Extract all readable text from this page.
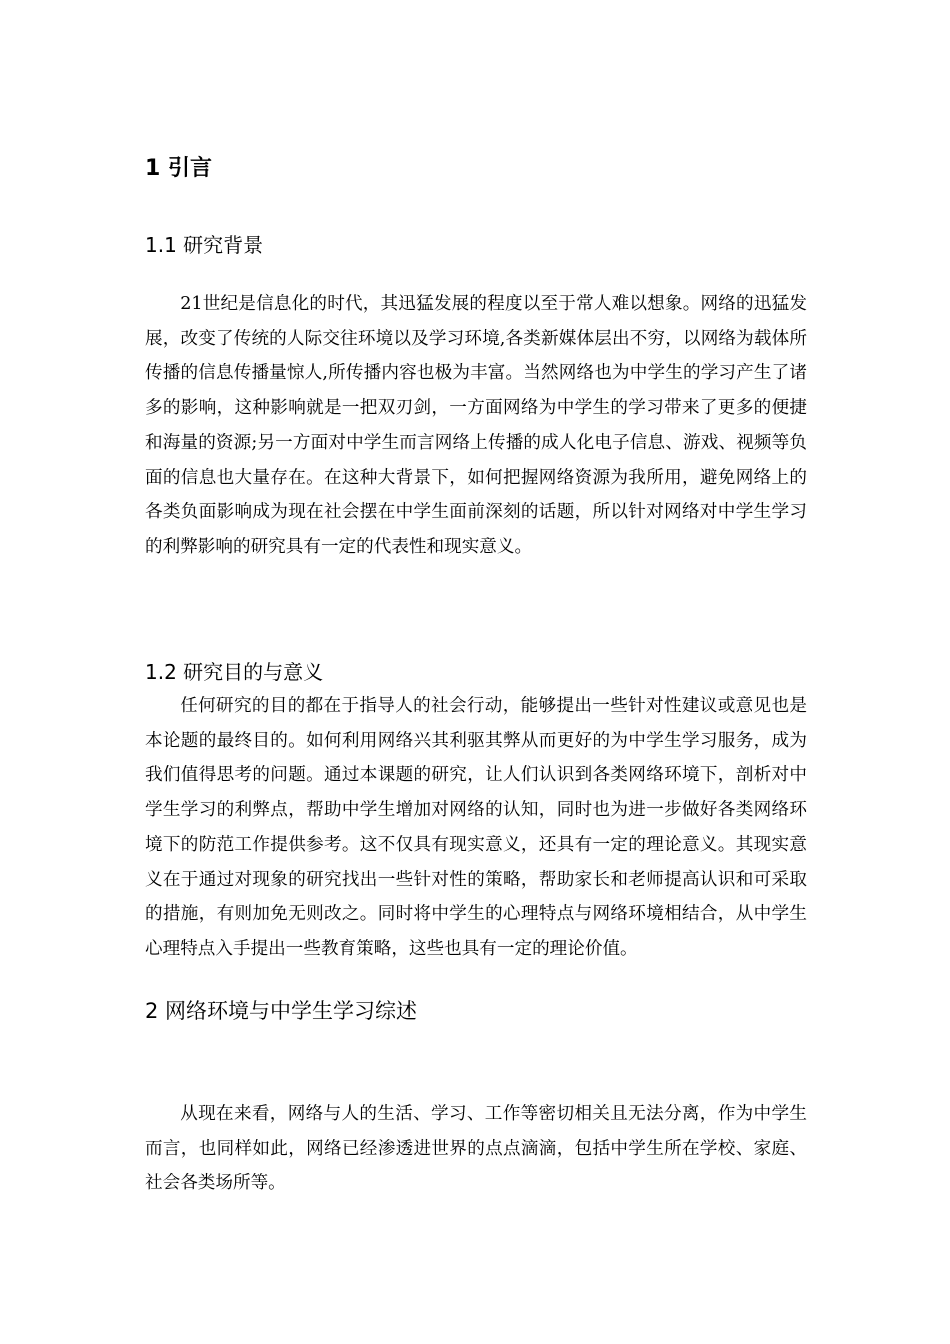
1 引言
1.1 研究背景

21世纪是信息化的时代，其迅猛发展的程度以至于常人难以想象。网络的迅猛发展，改变了传统的人际交往环境以及学习环境,各类新媒体层出不穷，以网络为载体所传播的信息传播量惊人,所传播内容也极为丰富。当然网络也为中学生的学习产生了诸多的影响，这种影响就是一把双刃剑，一方面网络为中学生的学习带来了更多的便捷和海量的资源;另一方面对中学生而言网络上传播的成人化电子信息、游戏、视频等负面的信息也大量存在。在这种大背景下，如何把握网络资源为我所用，避免网络上的各类负面影响成为现在社会摆在中学生面前深刻的话题，所以针对网络对中学生学习的利弊影响的研究具有一定的代表性和现实意义。

1.2 研究目的与意义

任何研究的目的都在于指导人的社会行动，能够提出一些针对性建议或意见也是本论题的最终目的。如何利用网络兴其利驱其弊从而更好的为中学生学习服务，成为我们值得思考的问题。通过本课题的研究，让人们认识到各类网络环境下，剖析对中学生学习的利弊点，帮助中学生增加对网络的认知，同时也为进一步做好各类网络环境下的防范工作提供参考。这不仅具有现实意义，还具有一定的理论意义。其现实意义在于通过对现象的研究找出一些针对性的策略，帮助家长和老师提高认识和可采取的措施，有则加免无则改之。同时将中学生的心理特点与网络环境相结合，从中学生心理特点入手提出一些教育策略，这些也具有一定的理论价值。

2 网络环境与中学生学习综述

从现在来看，网络与人的生活、学习、工作等密切相关且无法分离，作为中学生而言，也同样如此，网络已经渗透进世界的点点滴滴，包括中学生所在学校、家庭、社会各类场所等。
